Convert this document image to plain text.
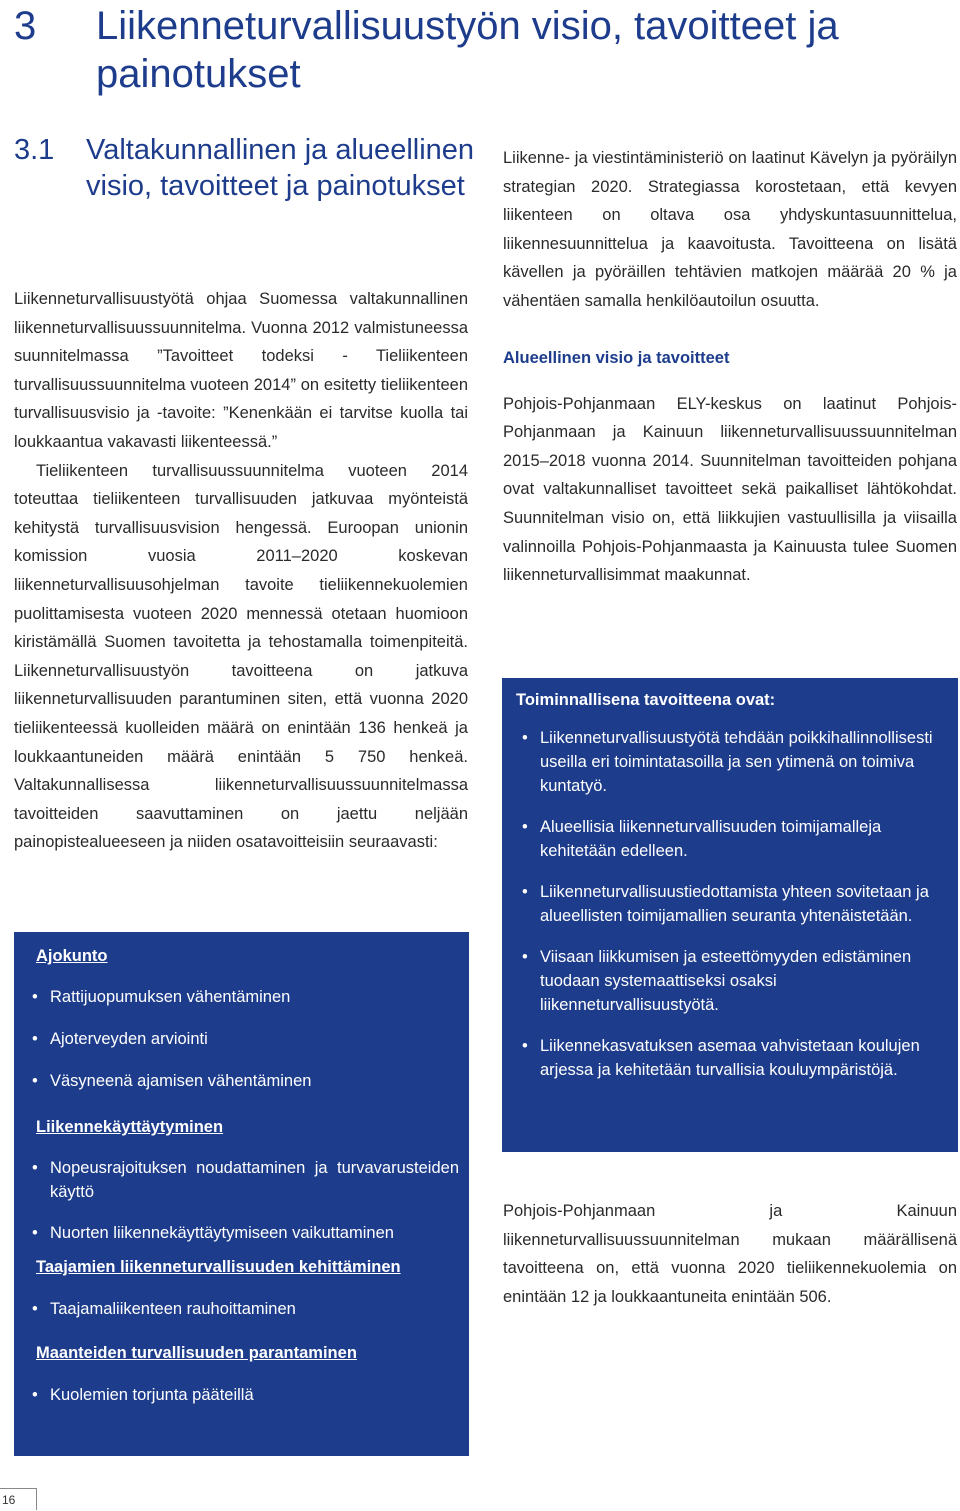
3 Liikenneturvallisuustyön visio, tavoitteet ja painotukset
3.1 Valtakunnallinen ja alueellinen visio, tavoitteet ja painotukset

Liikenneturvallisuustyötä ohjaa Suomessa valtakunnallinen liikenneturvallisuussuunnitelma. Vuonna 2012 valmistuneessa suunnitelmassa ”Tavoitteet todeksi - Tieliikenteen turvallisuussuunnitelma vuoteen 2014” on esitetty tieliikenteen turvallisuusvisio ja -tavoite: ”Kenenkään ei tarvitse kuolla tai loukkaantua vakavasti liikenteessä.”

Tieliikenteen turvallisuussuunnitelma vuoteen 2014 toteuttaa tieliikenteen turvallisuuden jatkuvaa myönteistä kehitystä turvallisuusvision hengessä. Euroopan unionin komission vuosia 2011–2020 koskevan liikenneturvallisuusohjelman tavoite tieliikennekuolemien puolittamisesta vuoteen 2020 mennessä otetaan huomioon kiristämällä Suomen tavoitetta ja tehostamalla toimenpiteitä. Liikenneturvallisuustyön tavoitteena on jatkuva liikenneturvallisuuden parantuminen siten, että vuonna 2020 tieliikenteessä kuolleiden määrä on enintään 136 henkeä ja loukkaantuneiden määrä enintään 5 750 henkeä. Valtakunnallisessa liikenneturvallisuussuunnitelmassa tavoitteiden saavuttaminen on jaettu neljään painopistealueeseen ja niiden osatavoitteisiin seuraavasti:

Ajokunto

• Rattijuopumuksen vähentäminen
• Ajoterveyden arviointi
• Väsyneenä ajamisen vähentäminen

Liikennekäyttäytyminen

• Nopeusrajoituksen noudattaminen ja turvavarusteiden käyttö
• Nuorten liikennekäyttäytymiseen vaikuttaminen

Taajamien liikenneturvallisuuden kehittäminen

• Taajamaliikenteen rauhoittaminen

Maanteiden turvallisuuden parantaminen

• Kuolemien torjunta pääteillä

Liikenne- ja viestintäministeriö on laatinut Kävelyn ja pyöräilyn strategian 2020. Strategiassa korostetaan, että kevyen liikenteen on oltava osa yhdyskuntasuunnittelua, liikennesuunnittelua ja kaavoitusta. Tavoitteena on lisätä kävellen ja pyöräillen tehtävien matkojen määrää 20 % ja vähentäen samalla henkilöautoilun osuutta.

Alueellinen visio ja tavoitteet

Pohjois-Pohjanmaan ELY-keskus on laatinut Pohjois-Pohjanmaan ja Kainuun liikenneturvallisuussuunnitelman 2015–2018 vuonna 2014. Suunnitelman tavoitteiden pohjana ovat valtakunnalliset tavoitteet sekä paikalliset lähtökohdat. Suunnitelman visio on, että liikkujien vastuullisilla ja viisailla valinnoilla Pohjois-Pohjanmaasta ja Kainuusta tulee Suomen liikenneturvallisimmat maakunnat.

Toiminnallisena tavoitteena ovat:

• Liikenneturvallisuustyötä tehdään poikkihallinnollisesti useilla eri toimintatasoilla ja sen ytimenä on toimiva kuntatyö.
• Alueellisia liikenneturvallisuuden toimijamalleja kehitetään edelleen.
• Liikenneturvallisuustiedottamista yhteen sovitetaan ja alueellisten toimijamallien seuranta yhtenäistetään.
• Viisaan liikkumisen ja esteettömyyden edistäminen tuodaan systemaattiseksi osaksi liikenneturvallisuustyötä.
• Liikennekasvatuksen asemaa vahvistetaan koulujen arjessa ja kehitetään turvallisia kouluympäristöjä.

Pohjois-Pohjanmaan ja Kainuun liikenneturvallisuussuunnitelman mukaan määrällisenä tavoitteena on, että vuonna 2020 tieliikennekuolemia on enintään 12 ja loukkaantuneita enintään 506.

16
